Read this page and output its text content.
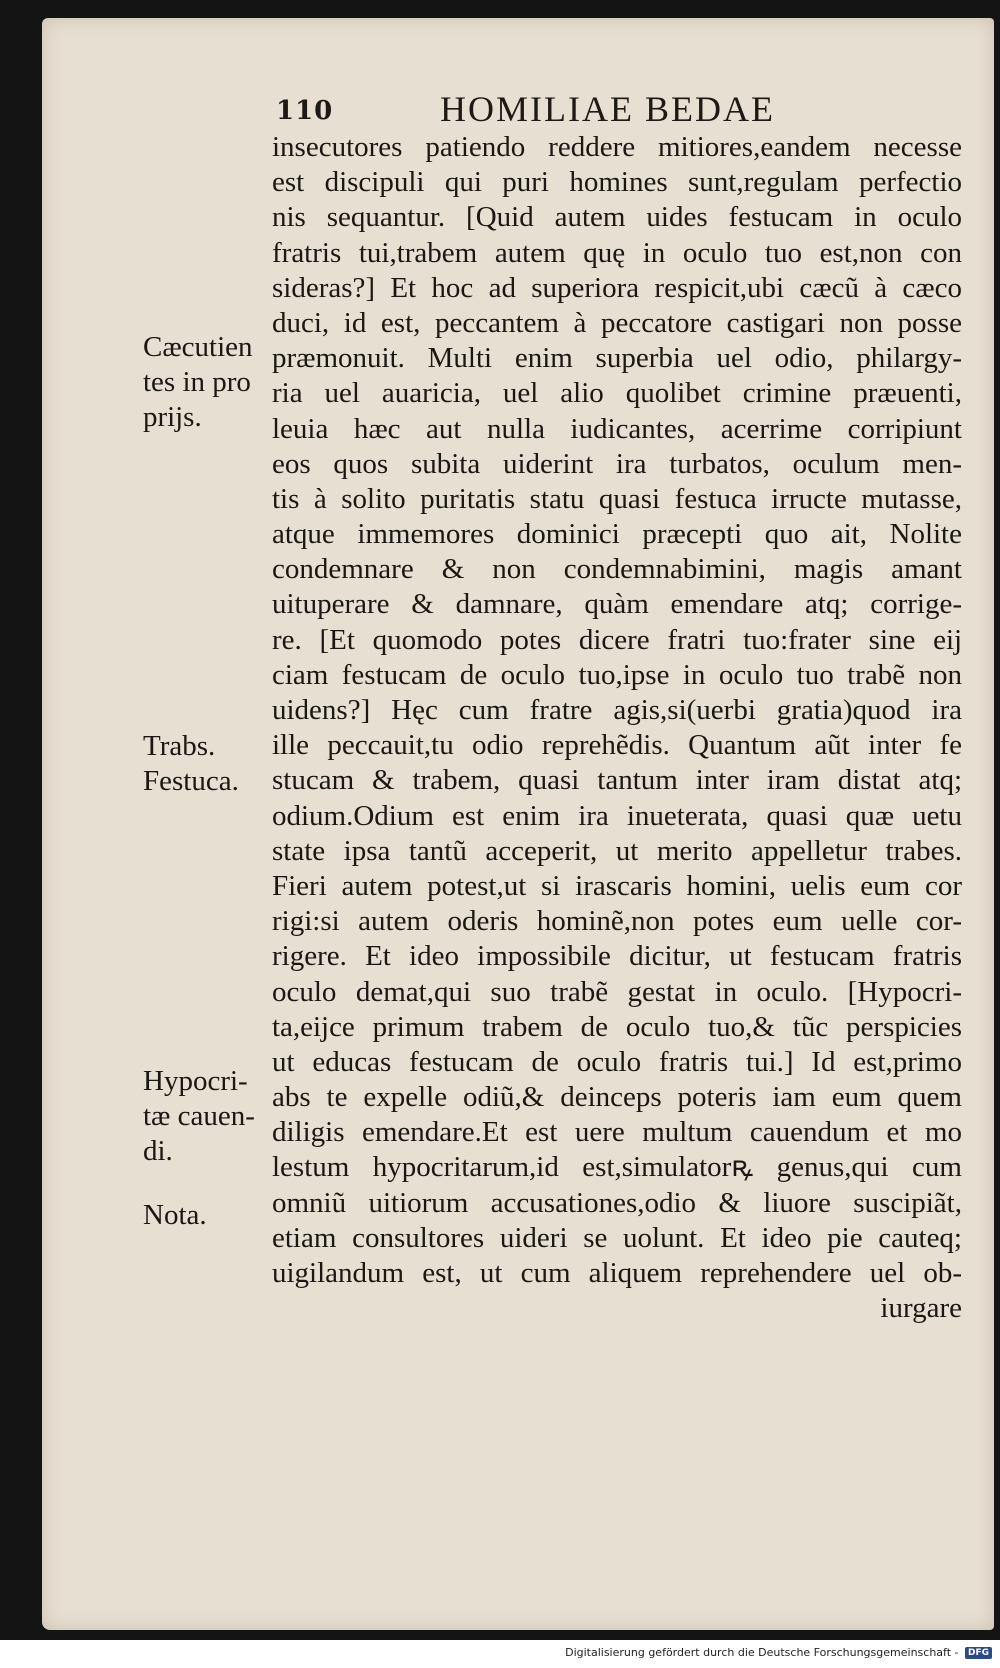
110	HOMILIAE BEDAE
insecutores patiendo reddere mitiores,eandem necesse
est discipuli qui puri homines sunt,regulam perfectio
nis sequantur. [Quid autem uides festucam in oculo
fratris tui,trabem autem quę in oculo tuo est,non con
sideras?] Et hoc ad superiora respicit,ubi cæcũ à cæco
duci, id est, peccantem à peccatore castigari non posse
præmonuit. Multi enim superbia uel odio, philargy-
ria uel auaricia, uel alio quolibet crimine præuenti,
leuia hæc aut nulla iudicantes, acerrime corripiunt
eos quos subita uiderint ira turbatos, oculum men-
tis à solito puritatis statu quasi festuca irructe mutasse,
atque immemores dominici præcepti quo ait, Nolite
condemnare & non condemnabimini, magis amant
uituperare & damnare, quàm emendare atq; corrige-
re. [Et quomodo potes dicere fratri tuo:frater sine eĳ
ciam festucam de oculo tuo,ipse in oculo tuo trabẽ non
uidens?] Hęc cum fratre agis,si(uerbi gratia)quod ira
ille peccauit,tu odio reprehẽdis. Quantum aũt inter fe
stucam & trabem, quasi tantum inter iram distat atq;
odium.Odium est enim ira inueterata, quasi quæ uetu
state ipsa tantũ acceperit, ut merito appelletur trabes.
Fieri autem potest,ut si irascaris homini, uelis eum cor
rigi:si autem oderis hominẽ,non potes eum uelle cor-
rigere. Et ideo impossibile dicitur, ut festucam fratris
oculo demat,qui suo trabẽ gestat in oculo. [Hypocri-
ta,eĳce primum trabem de oculo tuo,& tũc perspicies
ut educas festucam de oculo fratris tui.] Id est,primo
abs te expelle odiũ,& deinceps poteris iam eum quem
diligis emendare.Et est uere multum cauendum et mo
lestum hypocritarum,id est,simulatorꝶ genus,qui cum
omniũ uitiorum accusationes,odio & liuore suscipiãt,
etiam consultores uideri se uolunt. Et ideo pie cauteq;
uigilandum est, ut cum aliquem reprehendere uel ob-
iurgare
Cæcutien
tes in pro
prĳs.
Trabs.
Festuca.
Hypocri-
tæ cauen-
di.
Nota.
Digitalisierung gefördert durch die Deutsche Forschungsgemeinschaft - DFG
